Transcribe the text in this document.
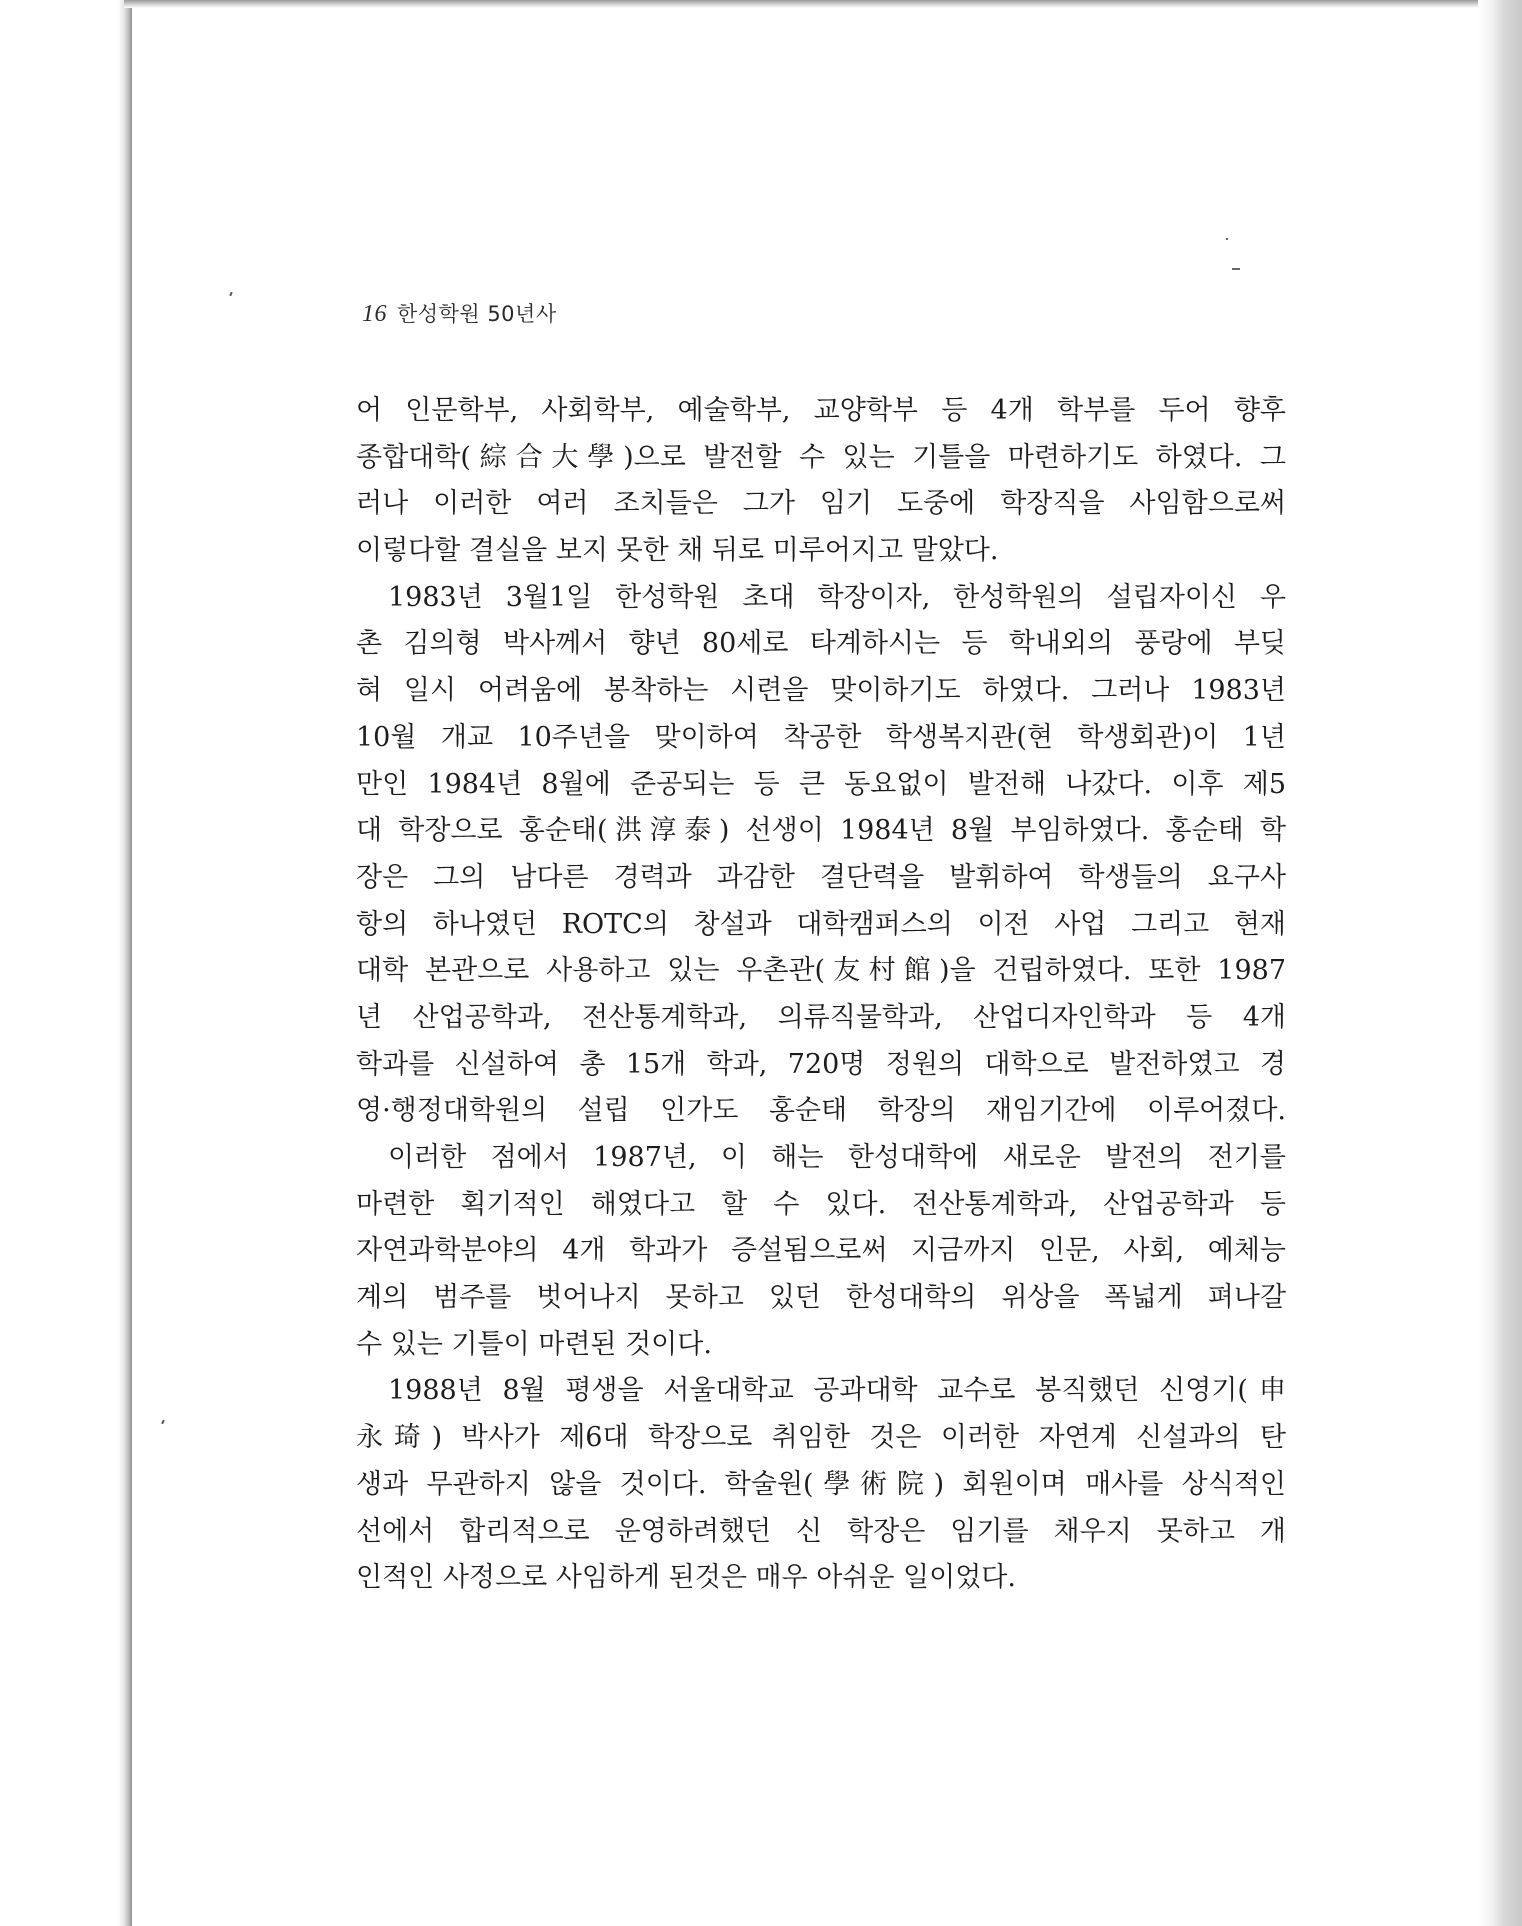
16 한성학원 50년사
어 인문학부, 사회학부, 예술학부, 교양학부 등 4개 학부를 두어 향후
종합대학(綜合大學)으로 발전할 수 있는 기틀을 마련하기도 하였다. 그
러나 이러한 여러 조치들은 그가 임기 도중에 학장직을 사임함으로써
이렇다할 결실을 보지 못한 채 뒤로 미루어지고 말았다.
1983년 3월1일 한성학원 초대 학장이자, 한성학원의 설립자이신 우
촌 김의형 박사께서 향년 80세로 타계하시는 등 학내외의 풍랑에 부딪
혀 일시 어려움에 봉착하는 시련을 맞이하기도 하였다. 그러나 1983년
10월 개교 10주년을 맞이하여 착공한 학생복지관(현 학생회관)이 1년
만인 1984년 8월에 준공되는 등 큰 동요없이 발전해 나갔다. 이후 제5
대 학장으로 홍순태(洪淳泰) 선생이 1984년 8월 부임하였다. 홍순태 학
장은 그의 남다른 경력과 과감한 결단력을 발휘하여 학생들의 요구사
항의 하나였던 ROTC의 창설과 대학캠퍼스의 이전 사업 그리고 현재
대학 본관으로 사용하고 있는 우촌관(友村館)을 건립하였다. 또한 1987
년 산업공학과, 전산통계학과, 의류직물학과, 산업디자인학과 등 4개
학과를 신설하여 총 15개 학과, 720명 정원의 대학으로 발전하였고 경
영·행정대학원의 설립 인가도 홍순태 학장의 재임기간에 이루어졌다.
이러한 점에서 1987년, 이 해는 한성대학에 새로운 발전의 전기를
마련한 획기적인 해였다고 할 수 있다. 전산통계학과, 산업공학과 등
자연과학분야의 4개 학과가 증설됨으로써 지금까지 인문, 사회, 예체능
계의 범주를 벗어나지 못하고 있던 한성대학의 위상을 폭넓게 펴나갈
수 있는 기틀이 마련된 것이다.
1988년 8월 평생을 서울대학교 공과대학 교수로 봉직했던 신영기(申
永琦) 박사가 제6대 학장으로 취임한 것은 이러한 자연계 신설과의 탄
생과 무관하지 않을 것이다. 학술원(學術院) 회원이며 매사를 상식적인
선에서 합리적으로 운영하려했던 신 학장은 임기를 채우지 못하고 개
인적인 사정으로 사임하게 된것은 매우 아쉬운 일이었다.
